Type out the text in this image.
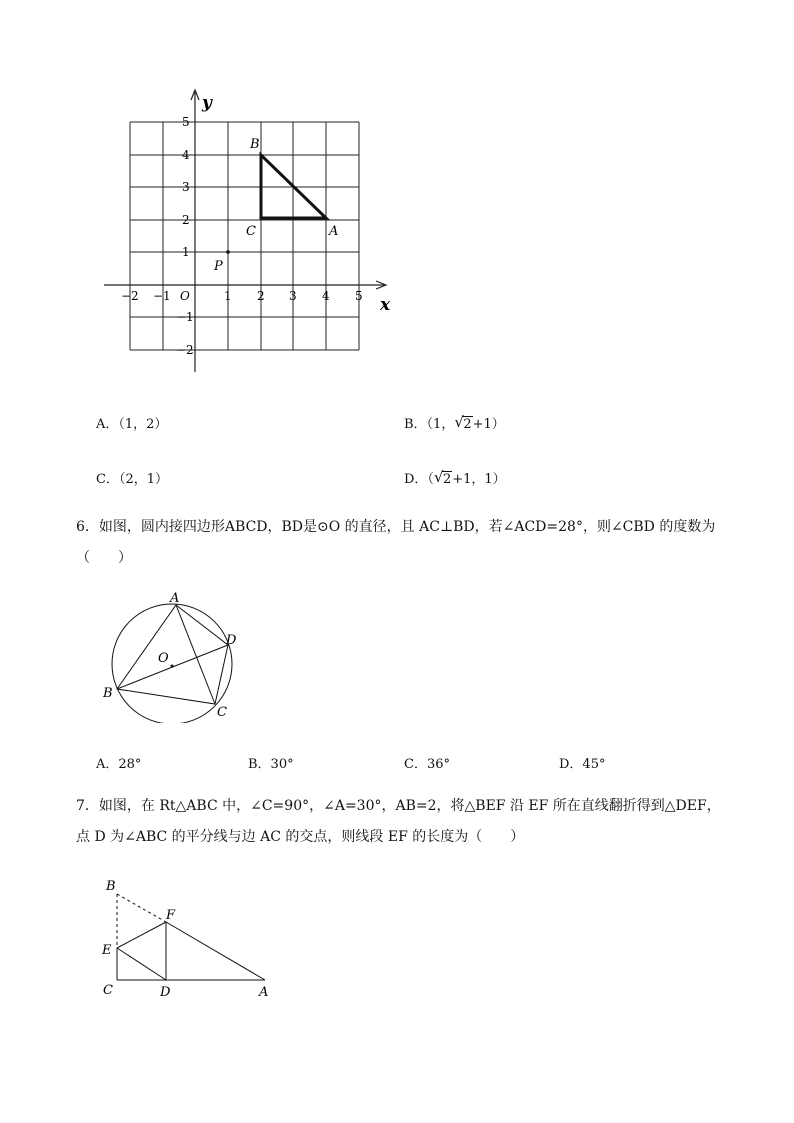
x
y
O
−2 −1	1 2 3 4 5
5
4
3
2
1
−1
−2
B
C	A
P
A．（1，2）	B．（1， √ 2+1）
C．（2，1）	D．（ √ 2+1，1）
6．如图，圆内接四边形ABCD，BD是⊙O 的直径，且 AC⊥BD，若∠ACD=28°，则∠CBD 的度数为（　　）
A
D
O
B
C
A．28°	B．30°	C．36°	D．45°
7．如图，在 Rt△ABC 中，∠C=90°，∠A=30°，AB=2，将△BEF 沿 EF 所在直线翻折得到△DEF，点 D 为∠ABC 的平分线与边 AC 的交点，则线段 EF 的长度为（　　）
B
F
E
C	D	A
